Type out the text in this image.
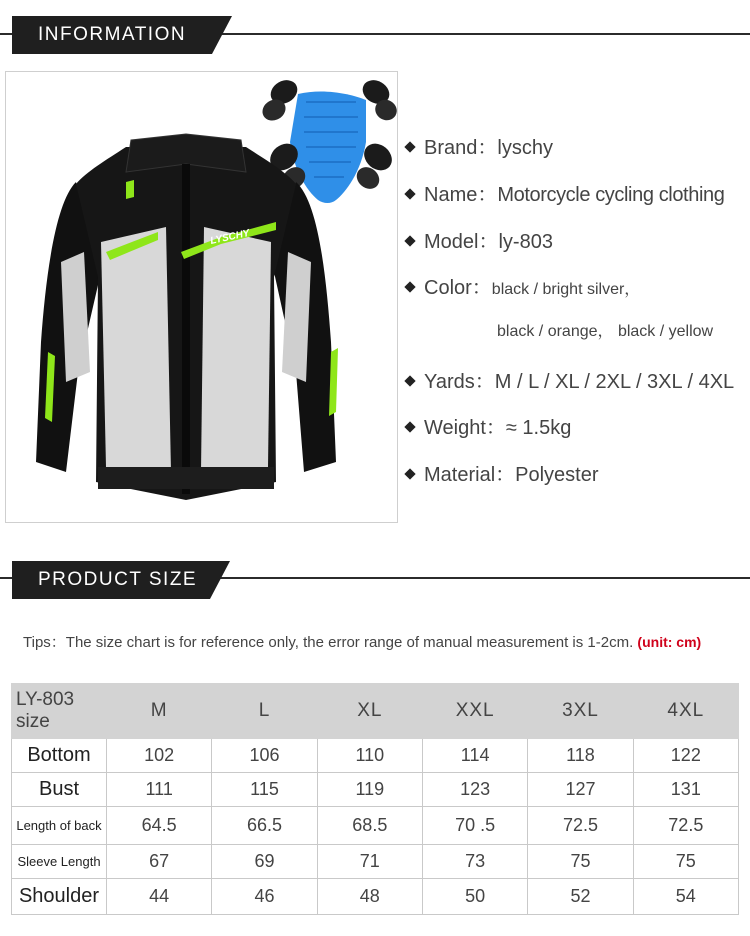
INFORMATION
LYSCHY
Brand：lyschy
Name：Motorcycle cycling clothing
Model：ly-803
Color：black / bright silver，
black / orange， black / yellow
Yards：M / L / XL / 2XL / 3XL / 4XL
Weight：≈ 1.5kg
Material：Polyester
PRODUCT SIZE
Tips：The size chart is for reference only, the error range of manual measurement is 1-2cm. (unit: cm)
LY-803 size	M	L	XL	XXL	3XL	4XL
Bottom	102	106	110	114	118	122
Bust	111	115	119	123	127	131
Length of back	64.5	66.5	68.5	70 .5	72.5	72.5
Sleeve Length	67	69	71	73	75	75
Shoulder	44	46	48	50	52	54
